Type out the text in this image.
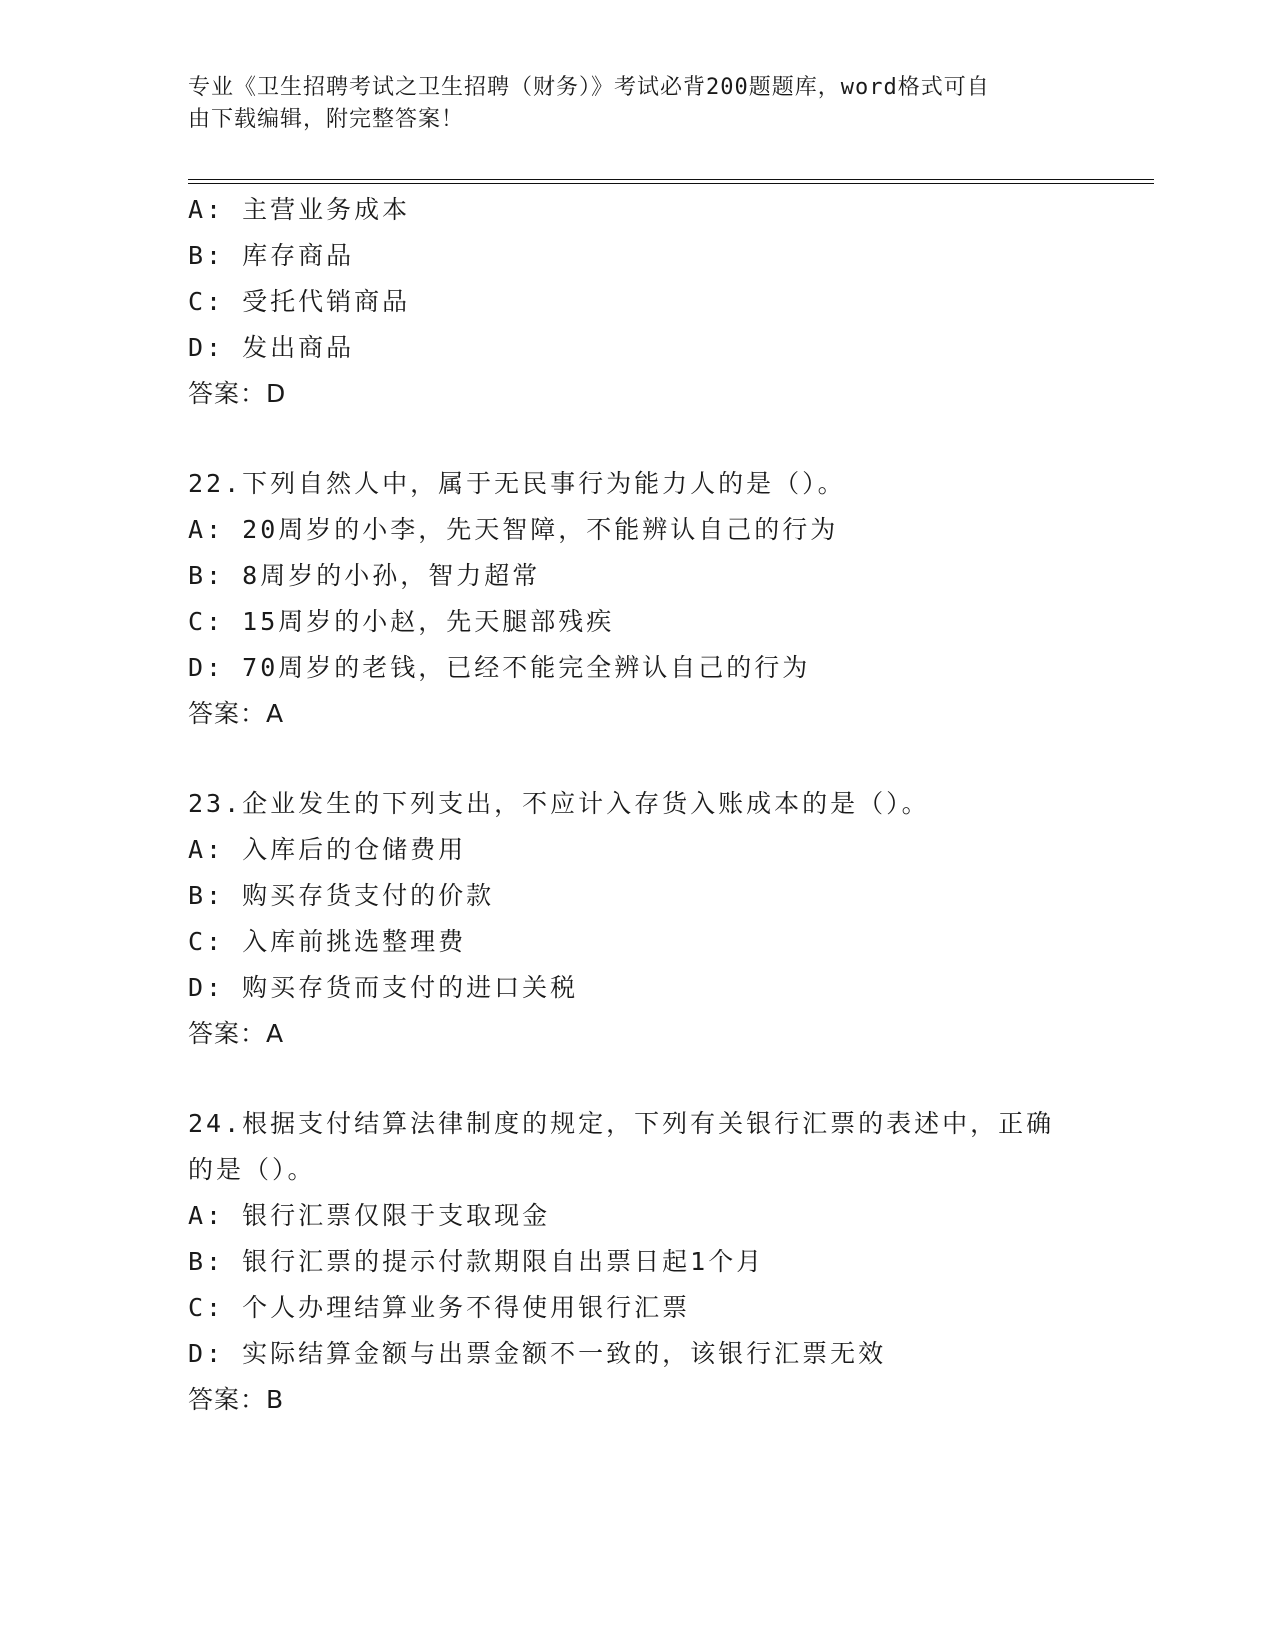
专业《卫生招聘考试之卫生招聘（财务）》考试必背200题题库，word格式可自
由下载编辑，附完整答案！
A: 主营业务成本
B: 库存商品
C: 受托代销商品
D: 发出商品
答案：D
22.下列自然人中，属于无民事行为能力人的是（）。
A: 20周岁的小李，先天智障，不能辨认自己的行为
B: 8周岁的小孙，智力超常
C: 15周岁的小赵，先天腿部残疾
D: 70周岁的老钱，已经不能完全辨认自己的行为
答案：A
23.企业发生的下列支出，不应计入存货入账成本的是（）。
A: 入库后的仓储费用
B: 购买存货支付的价款
C: 入库前挑选整理费
D: 购买存货而支付的进口关税
答案：A
24.根据支付结算法律制度的规定，下列有关银行汇票的表述中，正确
的是（）。
A: 银行汇票仅限于支取现金
B: 银行汇票的提示付款期限自出票日起1个月
C: 个人办理结算业务不得使用银行汇票
D: 实际结算金额与出票金额不一致的，该银行汇票无效
答案：B
